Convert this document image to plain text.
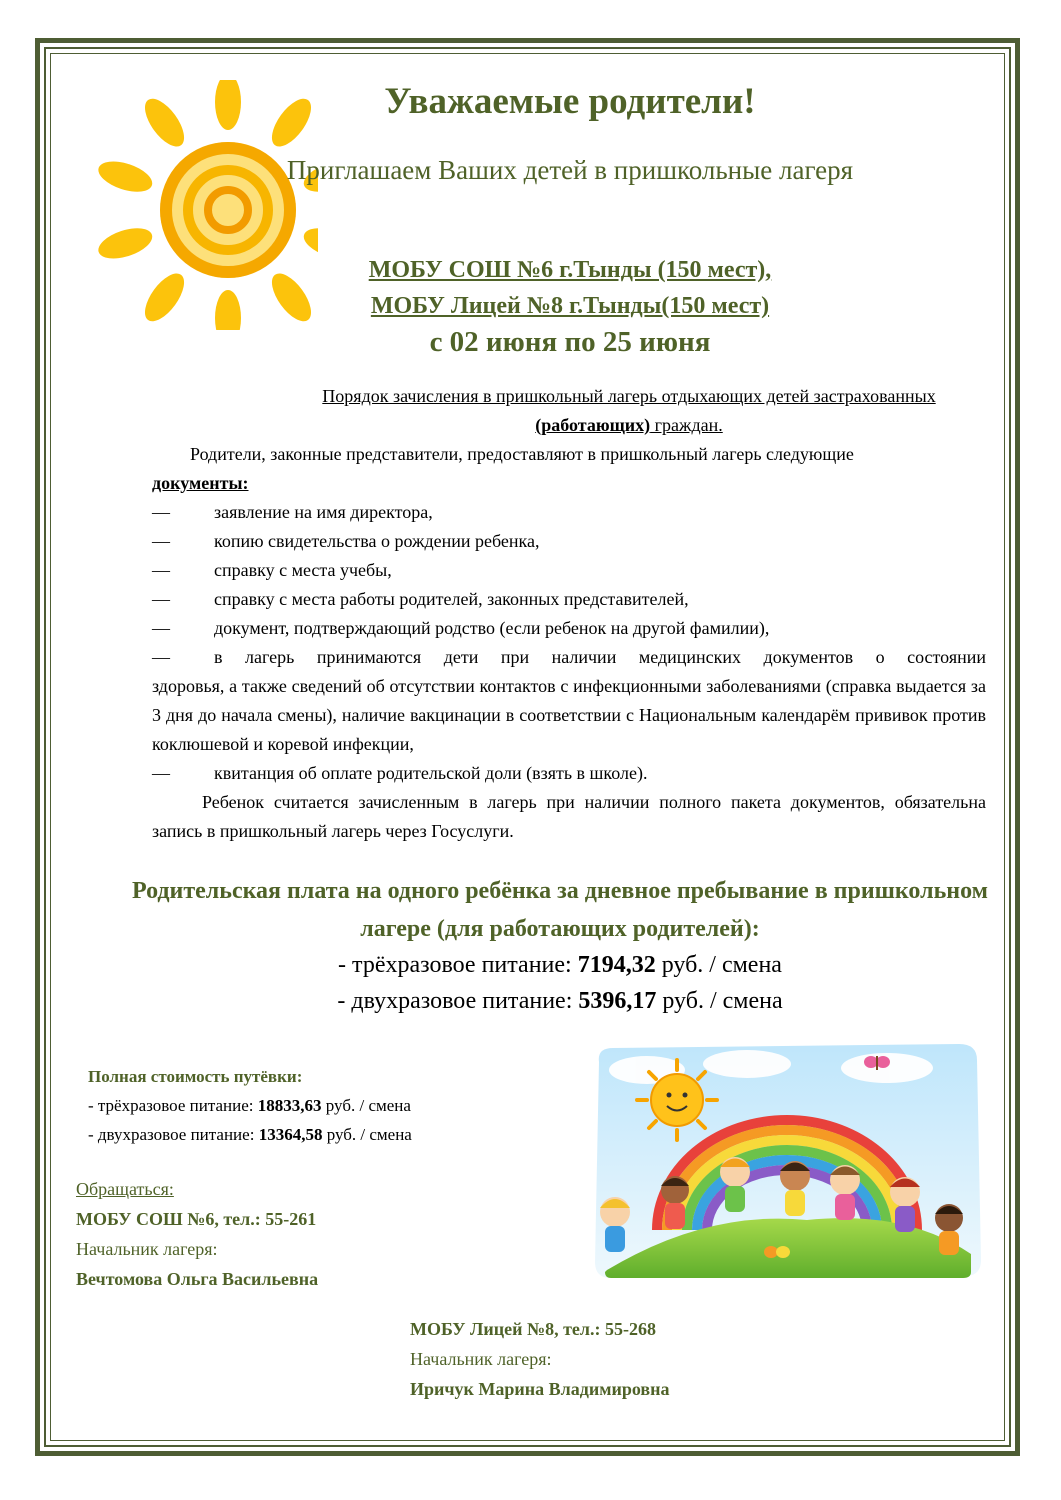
Уважаемые родители!
Приглашаем Ваших детей в пришкольные лагеря
МОБУ СОШ №6 г.Тынды (150 мест),
МОБУ Лицей №8 г.Тынды(150 мест)
с 02 июня по 25 июня
Порядок зачисления в пришкольный лагерь отдыхающих детей застрахованных
(работающих) граждан.
Родители, законные представители, предоставляют в пришкольный лагерь следующие
документы:
—	заявление на имя директора,
—	копию свидетельства о рождении ребенка,
—	справку с места учебы,
—	справку с места работы родителей, законных представителей,
—	документ, подтверждающий родство (если ребенок на другой фамилии),
— в лагерь принимаются дети при наличии медицинских документов о состоянии
здоровья, а также сведений об отсутствии контактов с инфекционными заболеваниями (справка выдается за 3 дня до начала смены), наличие вакцинации в соответствии с Национальным календарём прививок против коклюшевой и коревой инфекции,
—	квитанция об оплате родительской доли (взять в школе).
Ребенок считается зачисленным в лагерь при наличии полного пакета документов, обязательна запись в пришкольный лагерь через Госуслуги.
Родительская плата на одного ребёнка за дневное пребывание в пришкольном лагере (для работающих родителей):
- трёхразовое питание: 7194,32 руб. / смена
- двухразовое питание: 5396,17 руб. / смена
Полная стоимость путёвки:
- трёхразовое питание: 18833,63 руб. / смена
- двухразовое питание: 13364,58 руб. / смена
Обращаться:
МОБУ СОШ №6, тел.: 55-261
Начальник лагеря:
Вечтомова Ольга Васильевна
МОБУ Лицей №8, тел.: 55-268
Начальник лагеря:
Иричук Марина Владимировна
